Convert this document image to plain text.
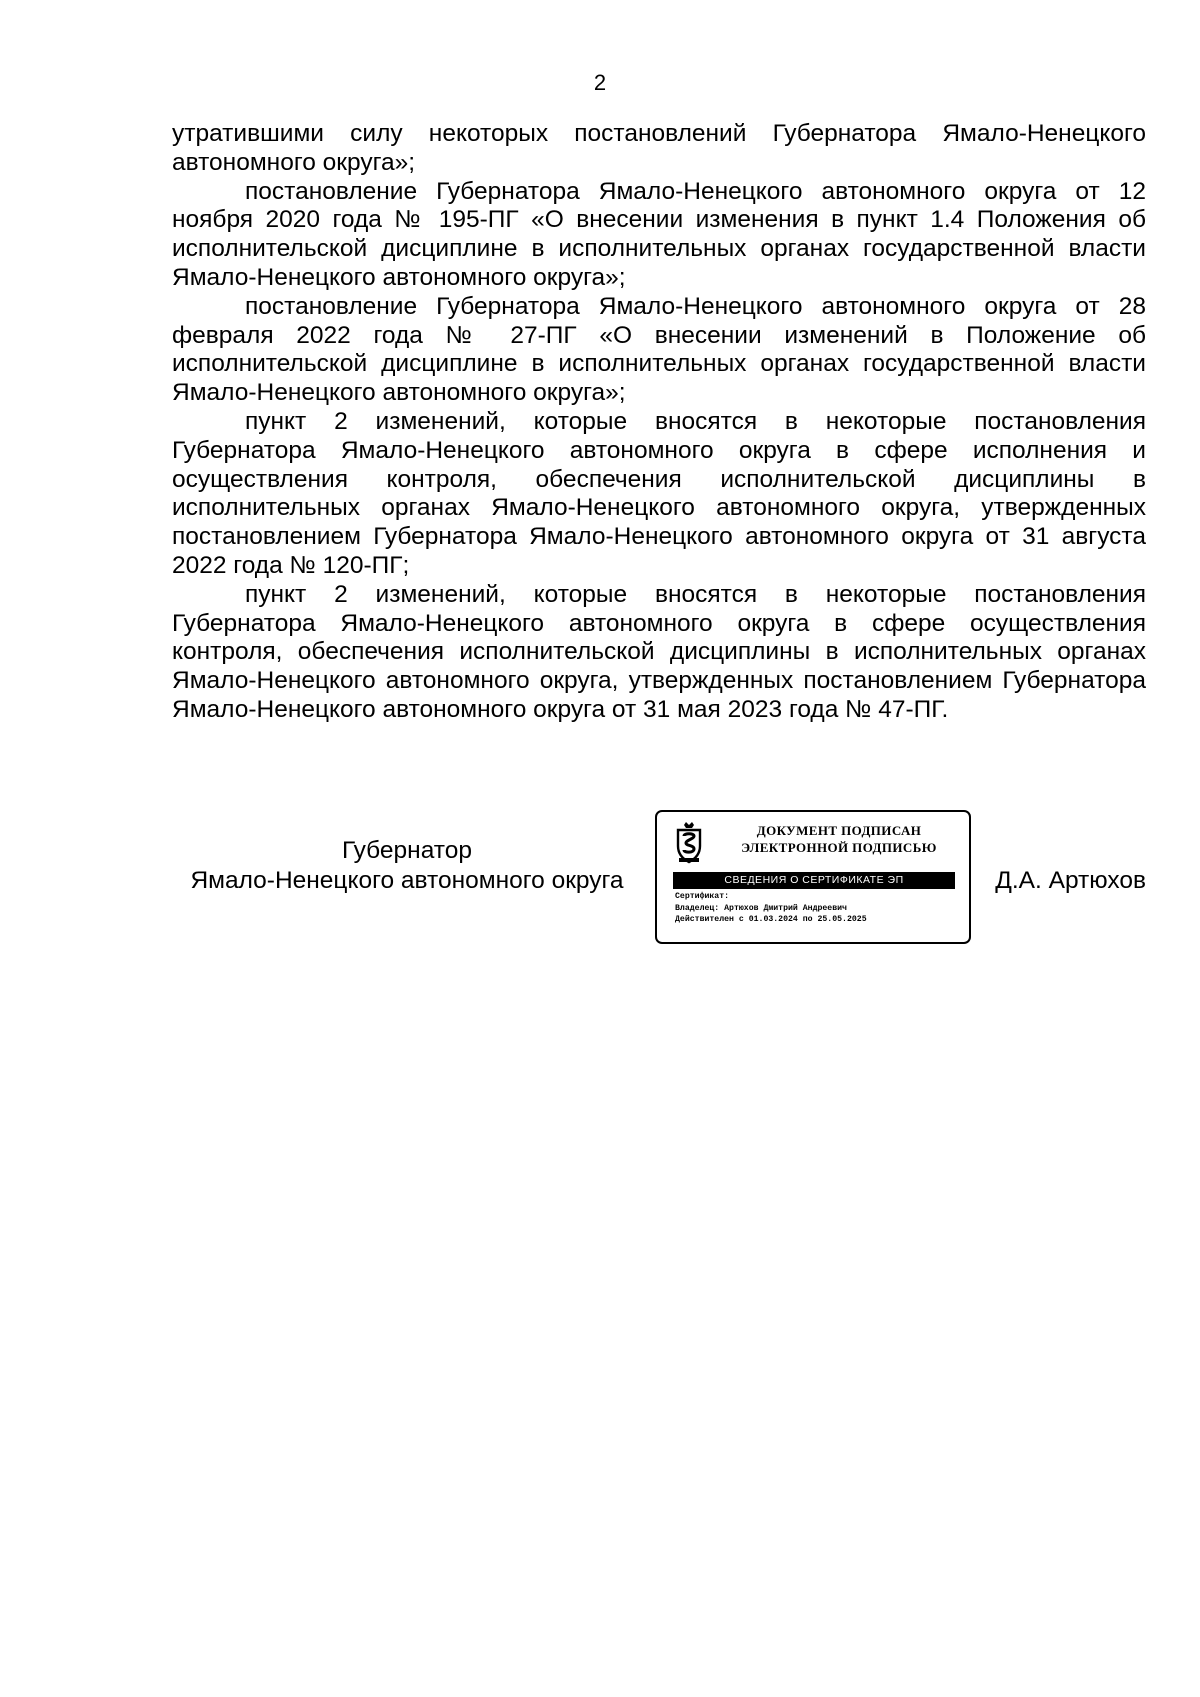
2

утратившими силу некоторых постановлений Губернатора Ямало-Ненецкого автономного округа»;

постановление Губернатора Ямало-Ненецкого автономного округа от 12 ноября 2020 года № 195-ПГ «О внесении изменения в пункт 1.4 Положения об исполнительской дисциплине в исполнительных органах государственной власти Ямало-Ненецкого автономного округа»;

постановление Губернатора Ямало-Ненецкого автономного округа от 28 февраля 2022 года № 27-ПГ «О внесении изменений в Положение об исполнительской дисциплине в исполнительных органах государственной власти Ямало-Ненецкого автономного округа»;

пункт 2 изменений, которые вносятся в некоторые постановления Губернатора Ямало-Ненецкого автономного округа в сфере исполнения и осуществления контроля, обеспечения исполнительской дисциплины в исполнительных органах Ямало-Ненецкого автономного округа, утвержденных постановлением Губернатора Ямало-Ненецкого автономного округа от 31 августа 2022 года № 120-ПГ;

пункт 2 изменений, которые вносятся в некоторые постановления Губернатора Ямало-Ненецкого автономного округа в сфере осуществления контроля, обеспечения исполнительской дисциплины в исполнительных органах Ямало-Ненецкого автономного округа, утвержденных постановлением Губернатора Ямало-Ненецкого автономного округа от 31 мая 2023 года № 47-ПГ.

Губернатор
Ямало-Ненецкого автономного округа
ДОКУМЕНТ ПОДПИСАН
ЭЛЕКТРОННОЙ ПОДПИСЬЮ
СВЕДЕНИЯ О СЕРТИФИКАТЕ ЭП
Сертификат:
Владелец: Артюхов Дмитрий Андреевич
Действителен с 01.03.2024 по 25.05.2025
Д.А. Артюхов
